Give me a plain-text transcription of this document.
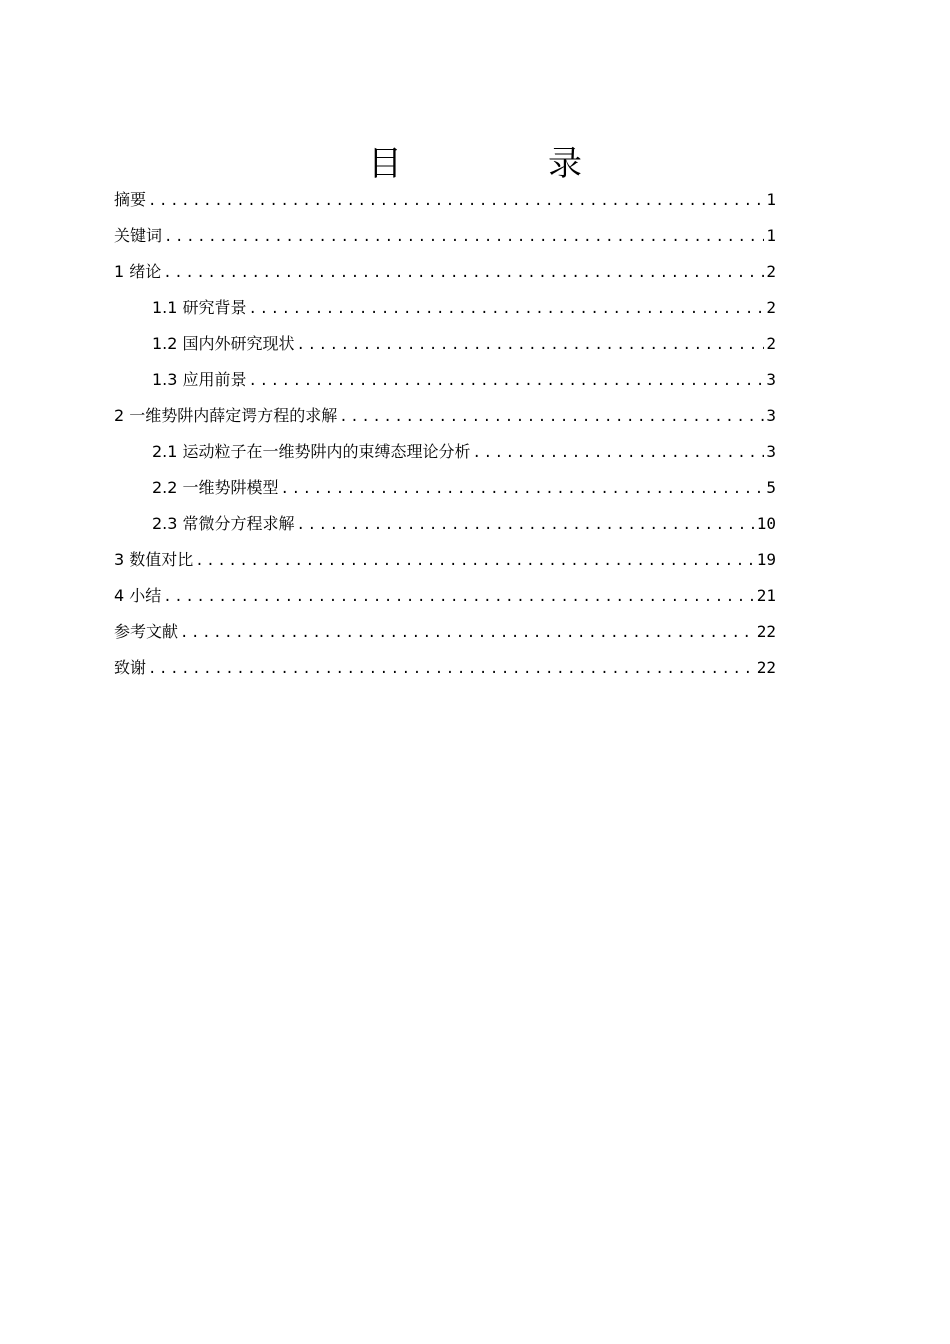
目　录
摘要 .....	1
关键词 .....	1
1 绪论 .....	2
1.1 研究背景 .....	2
1.2 国内外研究现状 .....	2
1.3 应用前景 .....	3
2 一维势阱内薛定谔方程的求解 .....	3
2.1 运动粒子在一维势阱内的束缚态理论分析 .....	3
2.2 一维势阱模型 .....	5
2.3 常微分方程求解 .....	10
3 数值对比 .....	19
4 小结 .....	21
参考文献 .....	22
致谢 .....	22
